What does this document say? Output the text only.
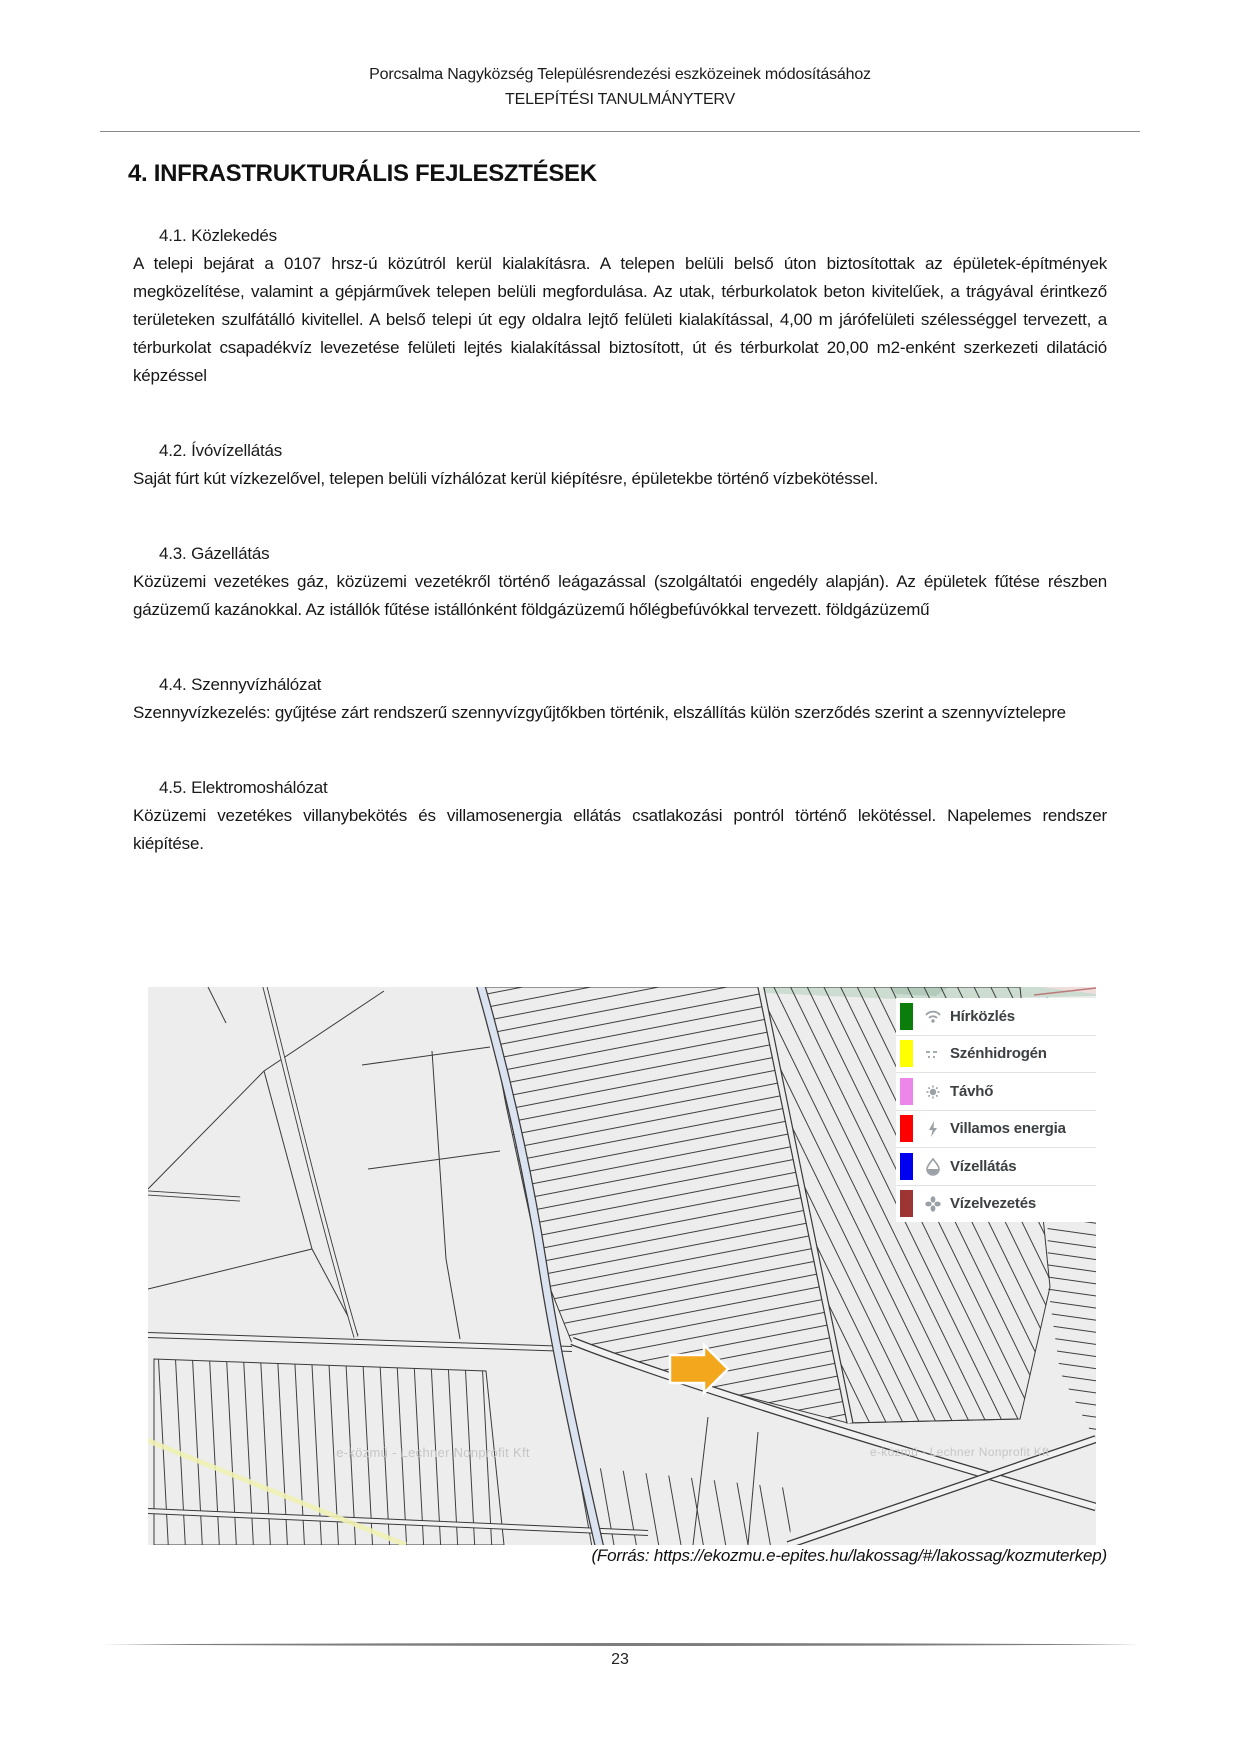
Porcsalma Nagyközség Településrendezési eszközeinek módosításához
TELEPÍTÉSI TANULMÁNYTERV
4. INFRASTRUKTURÁLIS FEJLESZTÉSEK
4.1. Közlekedés

A telepi bejárat a 0107 hrsz-ú közútról kerül kialakításra. A telepen belüli belső úton biztosítottak az épületek-építmények megközelítése, valamint a gépjárművek telepen belüli megfordulása. Az utak, térburkolatok beton kivitelűek, a trágyával érintkező területeken szulfátálló kivitellel. A belső telepi út egy oldalra lejtő felületi kialakítással, 4,00 m járófelületi szélességgel tervezett, a térburkolat csapadékvíz levezetése felületi lejtés kialakítással biztosított, út és térburkolat 20,00 m2-enként szerkezeti dilatáció képzéssel

4.2. Ívóvízellátás

Saját fúrt kút vízkezelővel, telepen belüli vízhálózat kerül kiépítésre, épületekbe történő vízbekötéssel.

4.3. Gázellátás

Közüzemi vezetékes gáz, közüzemi vezetékről történő leágazással (szolgáltatói engedély alapján). Az épületek fűtése részben gázüzemű kazánokkal. Az istállók fűtése istállónként földgázüzemű hőlégbefúvókkal tervezett. földgázüzemű

4.4. Szennyvízhálózat

Szennyvízkezelés: gyűjtése zárt rendszerű szennyvízgyűjtőkben történik, elszállítás külön szerződés szerint a szennyvíztelepre

4.5. Elektromoshálózat

Közüzemi vezetékes villanybekötés és villamosenergia ellátás csatlakozási pontról történő lekötéssel. Napelemes rendszer kiépítése.

e-közmű - Lechner Nonprofit Kft	e-közmű - Lechner Nonprofit Kft
Hírközlés
Szénhidrogén
Távhő
Villamos energia
Vízellátás
Vízelvezetés
(Forrás: https://ekozmu.e-epites.hu/lakossag/#/lakossag/kozmuterkep)
23
